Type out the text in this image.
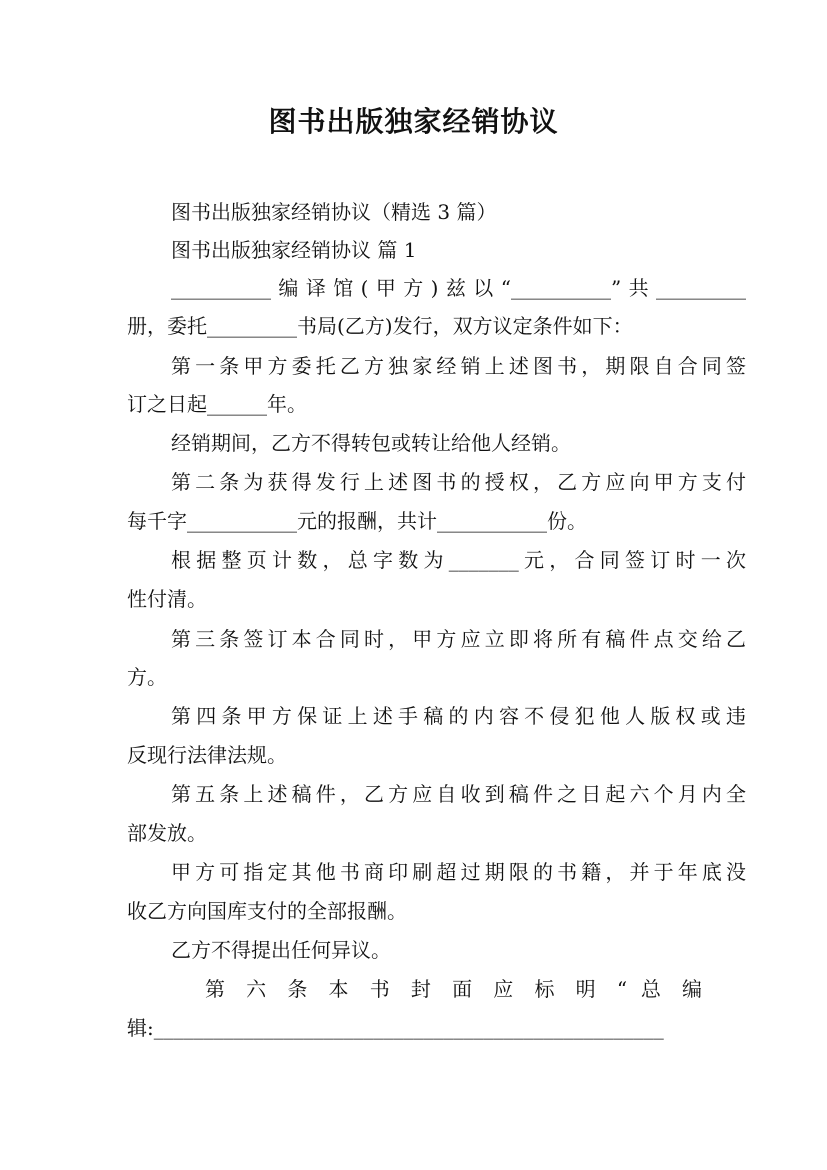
图书出版独家经销协议
图书出版独家经销协议（精选 3 篇）
图书出版独家经销协议 篇 1
__________编译馆(甲方)兹以“__________”共_________
册，委托_________书局(乙方)发行，双方议定条件如下：
第一条甲方委托乙方独家经销上述图书，期限自合同签
订之日起______年。
经销期间，乙方不得转包或转让给他人经销。
第二条为获得发行上述图书的授权，乙方应向甲方支付
每千字___________元的报酬，共计___________份。
根据整页计数，总字数为_______元，合同签订时一次
性付清。
第三条签订本合同时，甲方应立即将所有稿件点交给乙
方。
第四条甲方保证上述手稿的内容不侵犯他人版权或违
反现行法律法规。
第五条上述稿件，乙方应自收到稿件之日起六个月内全
部发放。
甲方可指定其他书商印刷超过期限的书籍，并于年底没
收乙方向国库支付的全部报酬。
乙方不得提出任何异议。
第 六 条 本 书 封 面 应 标 明 “ 总 编
辑:___________________________________________________
